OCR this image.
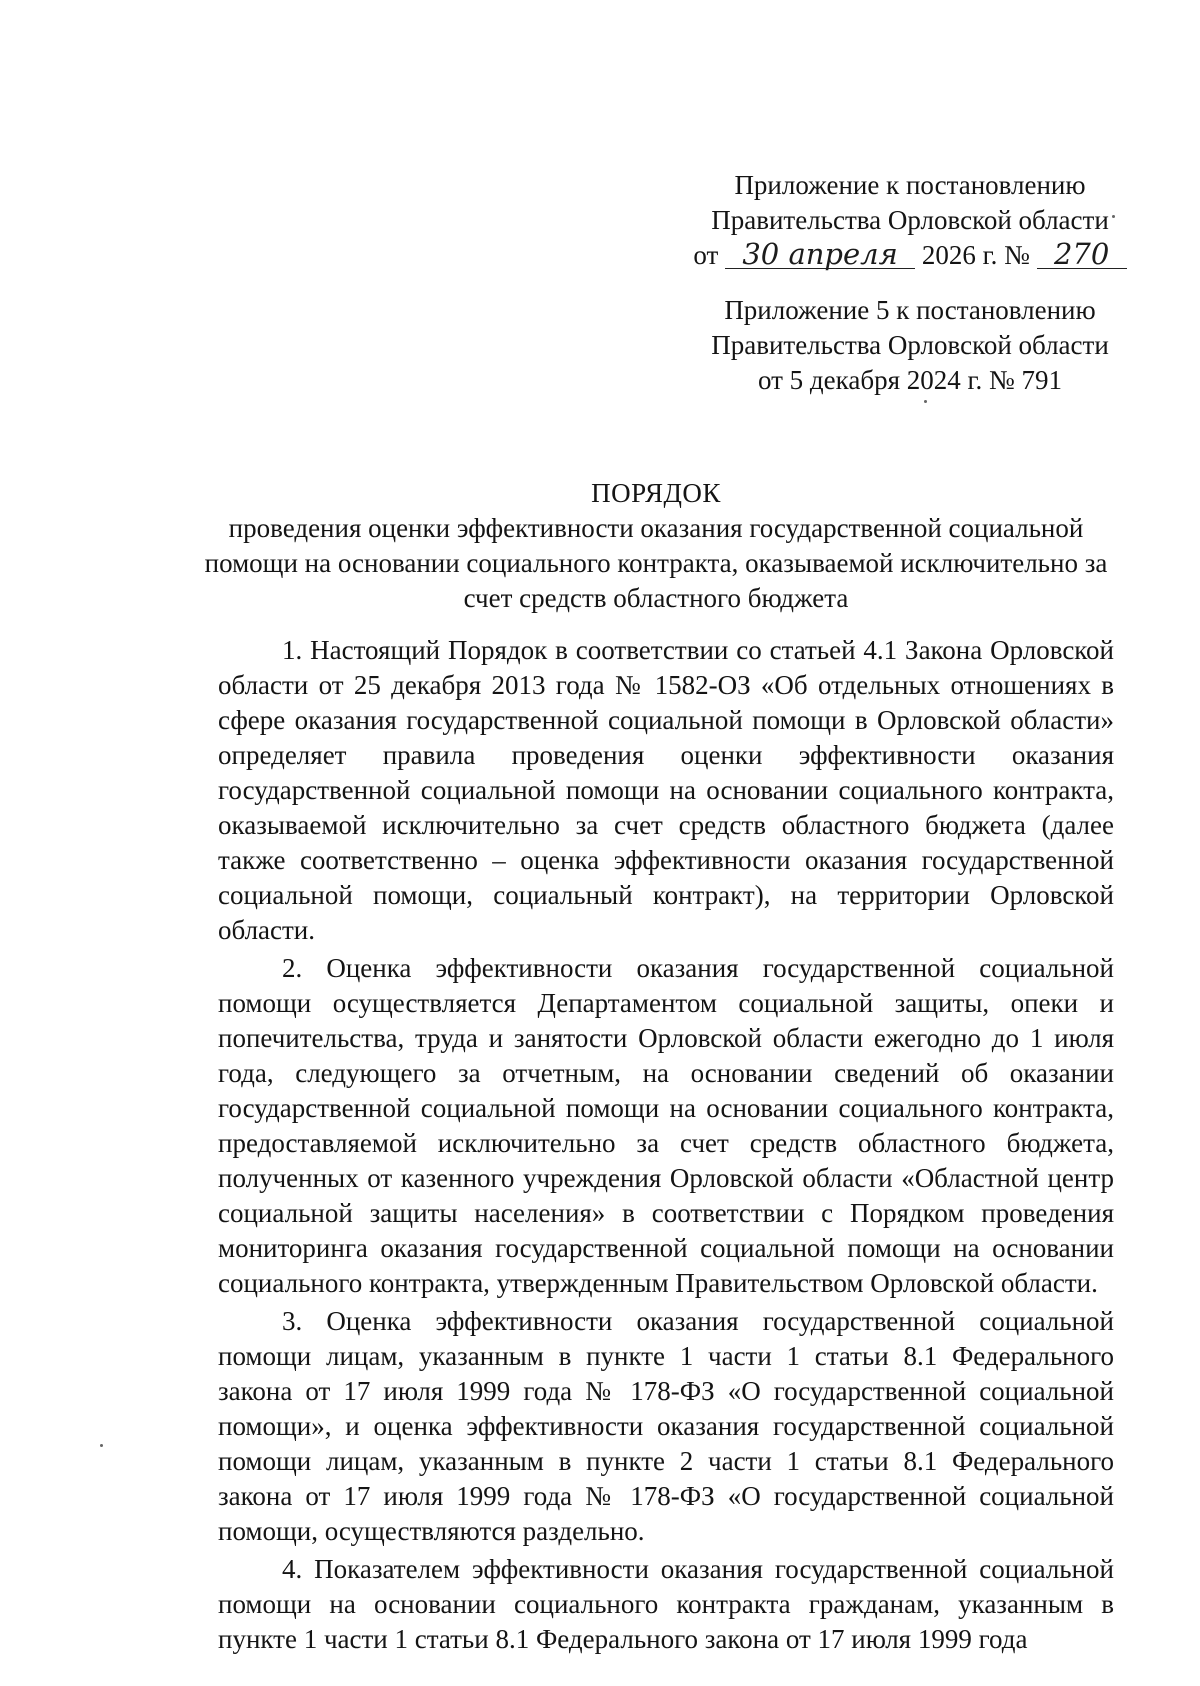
Приложение к постановлению
Правительства Орловской области
от 30 апреля 2026 г. № 270
Приложение 5 к постановлению
Правительства Орловской области
от 5 декабря 2024 г. № 791
ПОРЯДОК
проведения оценки эффективности оказания государственной социальной помощи на основании социального контракта, оказываемой исключительно за счет средств областного бюджета

1. Настоящий Порядок в соответствии со статьей 4.1 Закона Орловской области от 25 декабря 2013 года № 1582-ОЗ «Об отдельных отношениях в сфере оказания государственной социальной помощи в Орловской области» определяет правила проведения оценки эффективности оказания государственной социальной помощи на основании социального контракта, оказываемой исключительно за счет средств областного бюджета (далее также соответственно – оценка эффективности оказания государственной социальной помощи, социальный контракт), на территории Орловской области.

2. Оценка эффективности оказания государственной социальной помощи осуществляется Департаментом социальной защиты, опеки и попечительства, труда и занятости Орловской области ежегодно до 1 июля года, следующего за отчетным, на основании сведений об оказании государственной социальной помощи на основании социального контракта, предоставляемой исключительно за счет средств областного бюджета, полученных от казенного учреждения Орловской области «Областной центр социальной защиты населения» в соответствии с Порядком проведения мониторинга оказания государственной социальной помощи на основании социального контракта, утвержденным Правительством Орловской области.

3. Оценка эффективности оказания государственной социальной помощи лицам, указанным в пункте 1 части 1 статьи 8.1 Федерального закона от 17 июля 1999 года № 178-ФЗ «О государственной социальной помощи», и оценка эффективности оказания государственной социальной помощи лицам, указанным в пункте 2 части 1 статьи 8.1 Федерального закона от 17 июля 1999 года № 178-ФЗ «О государственной социальной помощи, осуществляются раздельно.

4. Показателем эффективности оказания государственной социальной помощи на основании социального контракта гражданам, указанным в пункте 1 части 1 статьи 8.1 Федерального закона от 17 июля 1999 года
